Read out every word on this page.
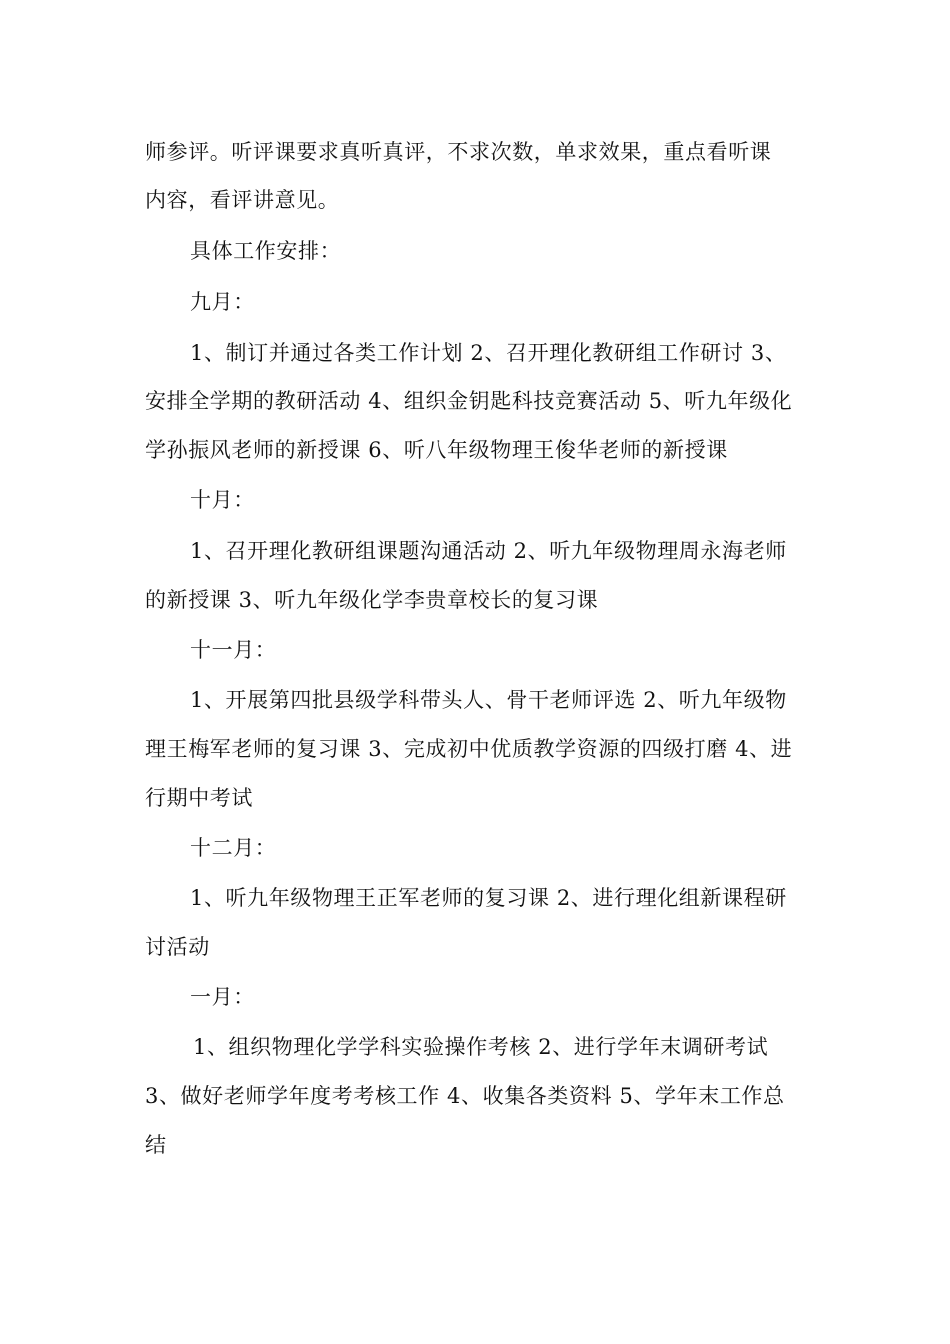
师参评。听评课要求真听真评，不求次数，单求效果，重点看听课
内容，看评讲意见。
具体工作安排：
九月：
1、制订并通过各类工作计划 2、召开理化教研组工作研讨 3、
安排全学期的教研活动 4、组织金钥匙科技竞赛活动 5、听九年级化
学孙振风老师的新授课 6、听八年级物理王俊华老师的新授课
十月：
1、召开理化教研组课题沟通活动 2、听九年级物理周永海老师
的新授课 3、听九年级化学李贵章校长的复习课
十一月：
1、开展第四批县级学科带头人、骨干老师评选 2、听九年级物
理王梅军老师的复习课 3、完成初中优质教学资源的四级打磨 4、进
行期中考试
十二月：
1、听九年级物理王正军老师的复习课 2、进行理化组新课程研
讨活动
一月：
1、组织物理化学学科实验操作考核 2、进行学年末调研考试
3、做好老师学年度考考核工作 4、收集各类资料 5、学年末工作总
结
